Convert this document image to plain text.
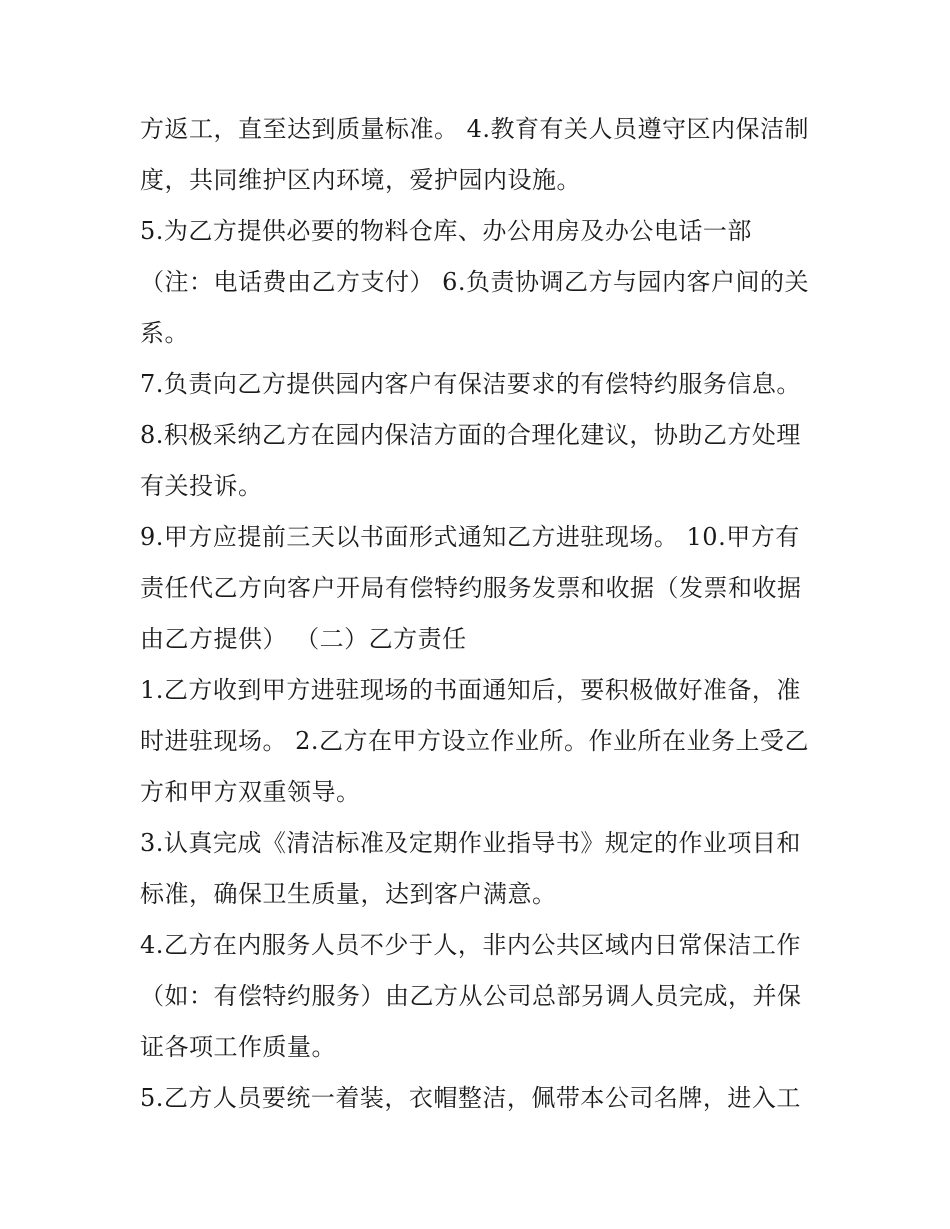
方返工，直至达到质量标准。 4.教育有关人员遵守区内保洁制
度，共同维护区内环境，爱护园内设施。
5.为乙方提供必要的物料仓库、办公用房及办公电话一部
（注：电话费由乙方支付） 6.负责协调乙方与园内客户间的关
系。
7.负责向乙方提供园内客户有保洁要求的有偿特约服务信息。
8.积极采纳乙方在园内保洁方面的合理化建议，协助乙方处理
有关投诉。
9.甲方应提前三天以书面形式通知乙方进驻现场。 10.甲方有
责任代乙方向客户开局有偿特约服务发票和收据（发票和收据
由乙方提供） （二）乙方责任
1.乙方收到甲方进驻现场的书面通知后，要积极做好准备，准
时进驻现场。 2.乙方在甲方设立作业所。作业所在业务上受乙
方和甲方双重领导。
3.认真完成《清洁标准及定期作业指导书》规定的作业项目和
标准，确保卫生质量，达到客户满意。
4.乙方在内服务人员不少于人，非内公共区域内日常保洁工作
（如：有偿特约服务）由乙方从公司总部另调人员完成，并保
证各项工作质量。
5.乙方人员要统一着装，衣帽整洁，佩带本公司名牌，进入工
